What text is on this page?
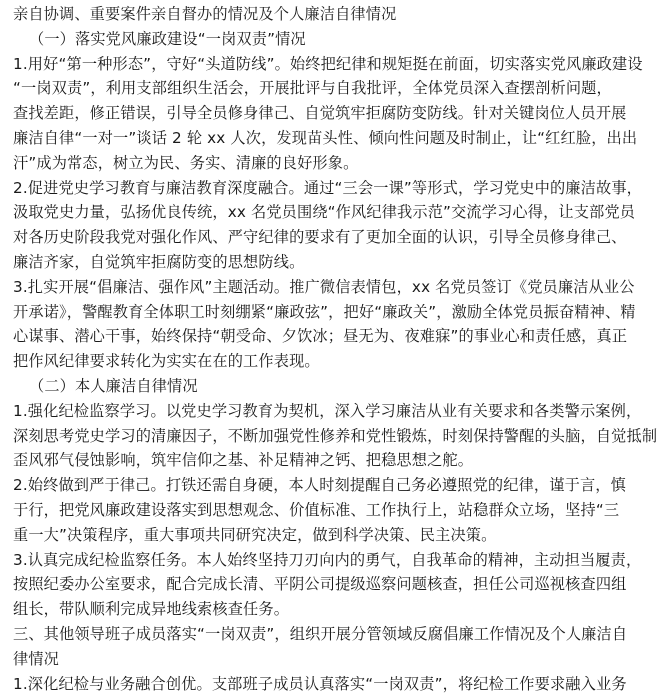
亲自协调、重要案件亲自督办的情况及个人廉洁自律情况
（一）落实党风廉政建设“一岗双责”情况
1.用好“第一种形态”，守好“头道防线”。始终把纪律和规矩挺在前面，切实落实党风廉政建设
“一岗双责”，利用支部组织生活会，开展批评与自我批评，全体党员深入查摆剖析问题，
查找差距，修正错误，引导全员修身律己、自觉筑牢拒腐防变防线。针对关键岗位人员开展
廉洁自律“一对一”谈话 2 轮 xx 人次，发现苗头性、倾向性问题及时制止，让“红红脸，出出
汗”成为常态，树立为民、务实、清廉的良好形象。
2.促进党史学习教育与廉洁教育深度融合。通过“三会一课”等形式，学习党史中的廉洁故事，
汲取党史力量，弘扬优良传统，xx 名党员围绕“作风纪律我示范”交流学习心得，让支部党员
对各历史阶段我党对强化作风、严守纪律的要求有了更加全面的认识，引导全员修身律己、
廉洁齐家，自觉筑牢拒腐防变的思想防线。
3.扎实开展“倡廉洁、强作风”主题活动。推广微信表情包，xx 名党员签订《党员廉洁从业公
开承诺》，警醒教育全体职工时刻绷紧“廉政弦”，把好“廉政关”，激励全体党员振奋精神、精
心谋事、潜心干事，始终保持“朝受命、夕饮冰；昼无为、夜难寐”的事业心和责任感，真正
把作风纪律要求转化为实实在在的工作表现。
（二）本人廉洁自律情况
1.强化纪检监察学习。以党史学习教育为契机，深入学习廉洁从业有关要求和各类警示案例，
深刻思考党史学习的清廉因子，不断加强党性修养和党性锻炼，时刻保持警醒的头脑，自觉抵制
歪风邪气侵蚀影响，筑牢信仰之基、补足精神之钙、把稳思想之舵。
2.始终做到严于律己。打铁还需自身硬，本人时刻提醒自己务必遵照党的纪律，谨于言，慎
于行，把党风廉政建设落实到思想观念、价值标准、工作执行上，站稳群众立场，坚持“三
重一大”决策程序，重大事项共同研究决定，做到科学决策、民主决策。
3.认真完成纪检监察任务。本人始终坚持刀刃向内的勇气，自我革命的精神，主动担当履责，
按照纪委办公室要求，配合完成长清、平阴公司提级巡察问题核查，担任公司巡视核查四组
组长，带队顺利完成异地线索核查任务。
三、其他领导班子成员落实“一岗双责”，组织开展分管领域反腐倡廉工作情况及个人廉洁自
律情况
1.深化纪检与业务融合创优。支部班子成员认真落实“一岗双责”，将纪检工作要求融入业务
